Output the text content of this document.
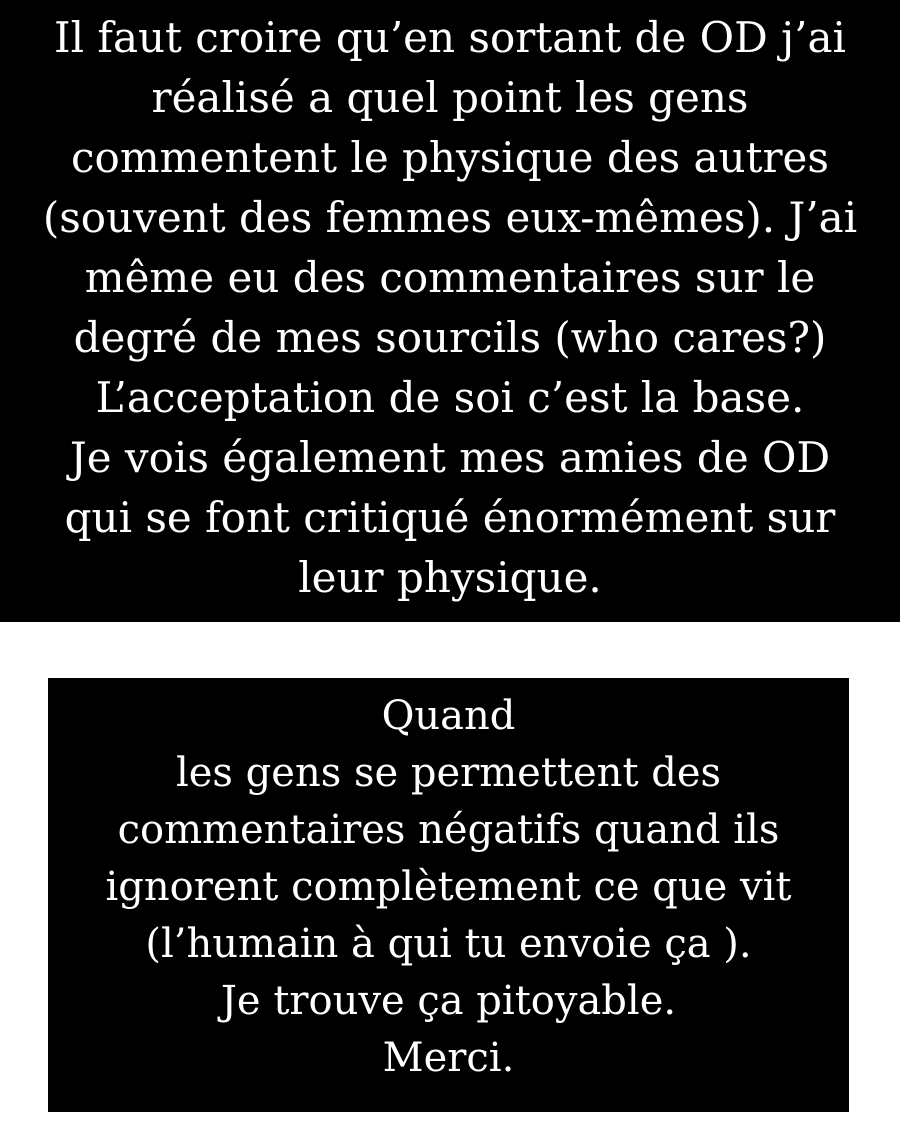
Il faut croire qu’en sortant de OD j’ai

réalisé a quel point les gens

commentent le physique des autres

(souvent des femmes eux-mêmes). J’ai

même eu des commentaires sur le

degré de mes sourcils (who cares?)

L’acceptation de soi c’est la base.

Je vois également mes amies de OD

qui se font critiqué énormément sur

leur physique.

Quand

les gens se permettent des

commentaires négatifs quand ils

ignorent complètement ce que vit

(l’humain à qui tu envoie ça ).

Je trouve ça pitoyable.

Merci.
